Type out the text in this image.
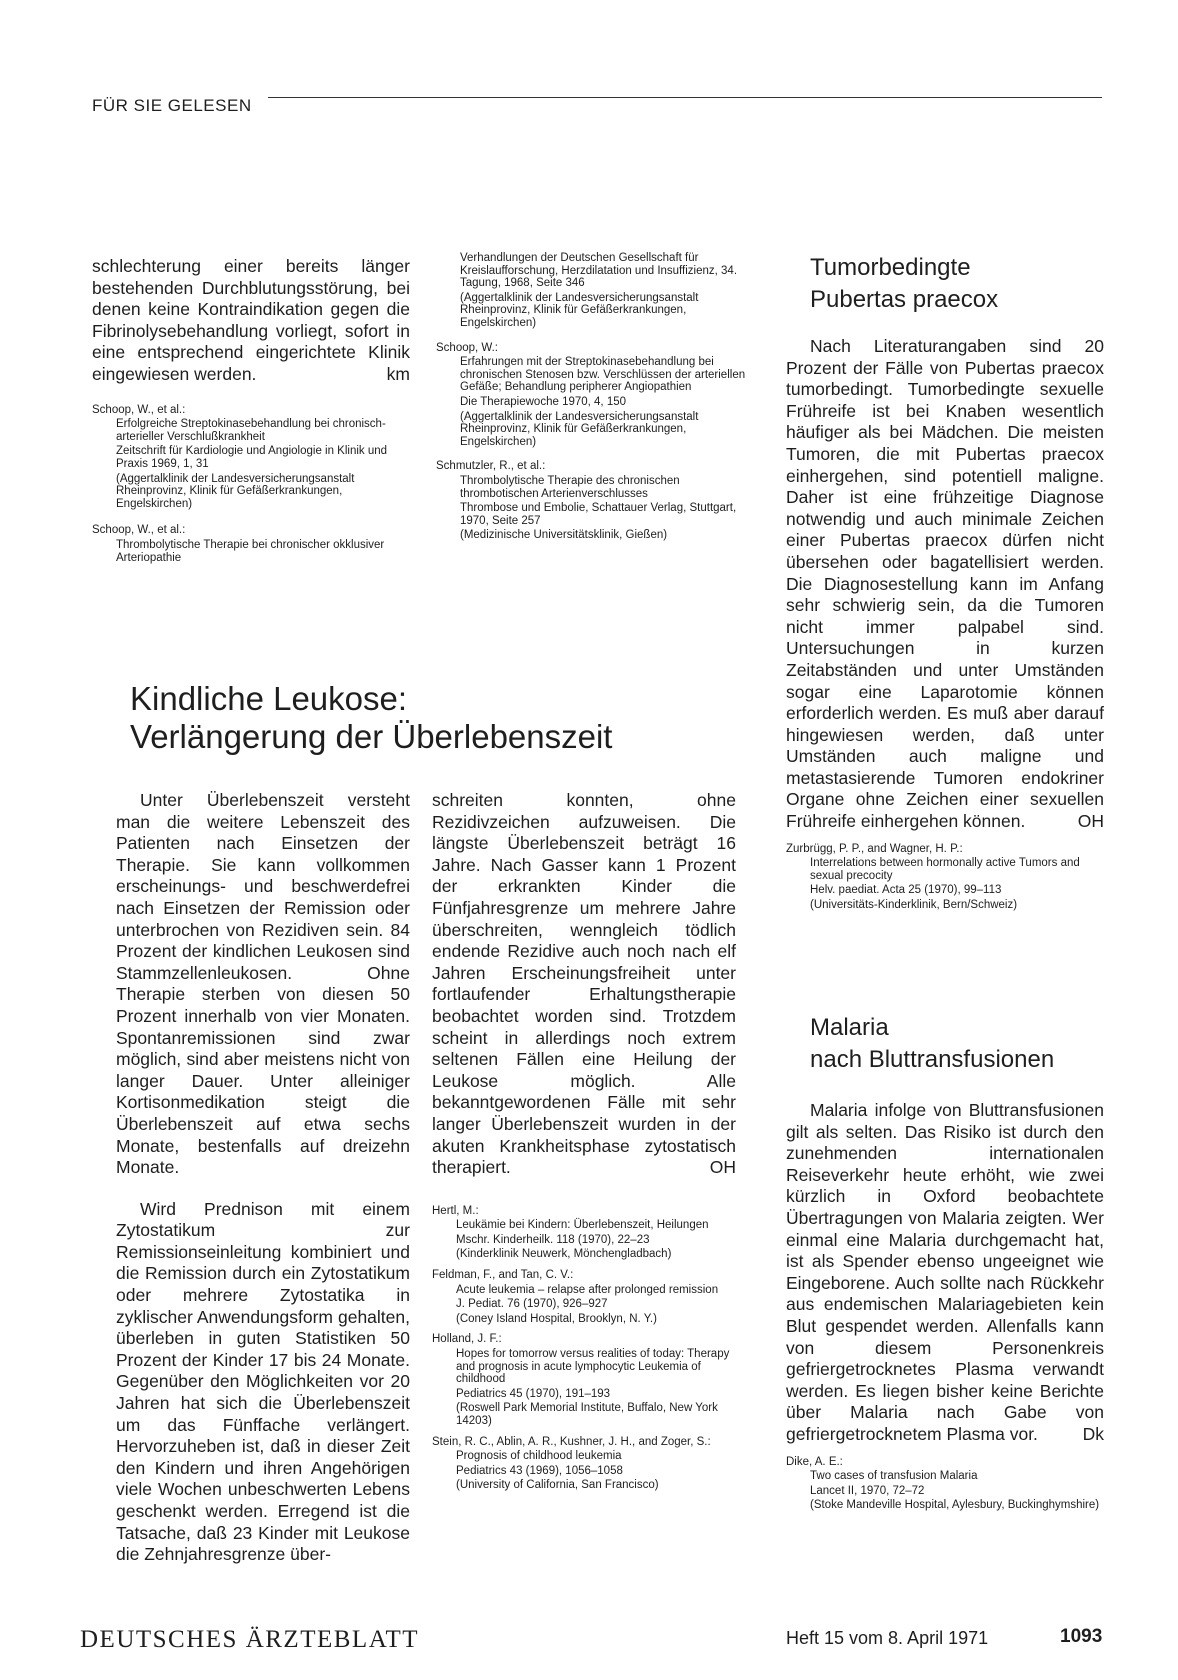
FÜR SIE GELESEN

schlechterung einer bereits länger bestehenden Durchblutungsstörung, bei denen keine Kontraindikation gegen die Fibrinolysebehandlung vorliegt, sofort in eine entsprechend eingerichtete Klinik eingewiesen werden.	km

Schoop, W., et al.:
Erfolgreiche Streptokinasebehandlung bei chronisch-arterieller Verschlußkrankheit
Zeitschrift für Kardiologie und Angiologie in Klinik und Praxis 1969, 1, 31
(Aggertalklinik der Landesversicherungsanstalt Rheinprovinz, Klinik für Gefäßerkrankungen, Engelskirchen)
Schoop, W., et al.:
Thrombolytische Therapie bei chronischer okklusiver Arteriopathie
Verhandlungen der Deutschen Gesellschaft für Kreislaufforschung, Herzdilatation und Insuffizienz, 34. Tagung, 1968, Seite 346
(Aggertalklinik der Landesversicherungsanstalt Rheinprovinz, Klinik für Gefäßerkrankungen, Engelskirchen)
Schoop, W.:
Erfahrungen mit der Streptokinasebehandlung bei chronischen Stenosen bzw. Verschlüssen der arteriellen Gefäße; Behandlung peripherer Angiopathien
Die Therapiewoche 1970, 4, 150
(Aggertalklinik der Landesversicherungsanstalt Rheinprovinz, Klinik für Gefäßerkrankungen, Engelskirchen)
Schmutzler, R., et al.:
Thrombolytische Therapie des chronischen thrombotischen Arterienverschlusses
Thrombose und Embolie, Schattauer Verlag, Stuttgart, 1970, Seite 257
(Medizinische Universitätsklinik, Gießen)
Kindliche Leukose:
Verlängerung der Überlebenszeit

Unter Überlebenszeit versteht man die weitere Lebenszeit des Patienten nach Einsetzen der Therapie. Sie kann vollkommen erscheinungs- und beschwerdefrei nach Einsetzen der Remission oder unterbrochen von Rezidiven sein. 84 Prozent der kindlichen Leukosen sind Stammzellenleukosen. Ohne Therapie sterben von diesen 50 Prozent innerhalb von vier Monaten. Spontanremissionen sind zwar möglich, sind aber meistens nicht von langer Dauer. Unter alleiniger Kortisonmedikation steigt die Überlebenszeit auf etwa sechs Monate, bestenfalls auf dreizehn Monate.

Wird Prednison mit einem Zytostatikum zur Remissionseinleitung kombiniert und die Remission durch ein Zytostatikum oder mehrere Zytostatika in zyklischer Anwendungsform gehalten, überleben in guten Statistiken 50 Prozent der Kinder 17 bis 24 Monate. Gegenüber den Möglichkeiten vor 20 Jahren hat sich die Überlebenszeit um das Fünffache verlängert. Hervorzuheben ist, daß in dieser Zeit den Kindern und ihren Angehörigen viele Wochen unbeschwerten Lebens geschenkt werden. Erregend ist die Tatsache, daß 23 Kinder mit Leukose die Zehnjahresgrenze über-

schreiten konnten, ohne Rezidivzeichen aufzuweisen. Die längste Überlebenszeit beträgt 16 Jahre. Nach Gasser kann 1 Prozent der erkrankten Kinder die Fünfjahresgrenze um mehrere Jahre überschreiten, wenngleich tödlich endende Rezidive auch noch nach elf Jahren Erscheinungsfreiheit unter fortlaufender Erhaltungstherapie beobachtet worden sind. Trotzdem scheint in allerdings noch extrem seltenen Fällen eine Heilung der Leukose möglich. Alle bekanntgewordenen Fälle mit sehr langer Überlebenszeit wurden in der akuten Krankheitsphase zytostatisch therapiert.	OH

Hertl, M.:
Leukämie bei Kindern: Überlebenszeit, Heilungen
Mschr. Kinderheilk. 118 (1970), 22–23
(Kinderklinik Neuwerk, Mönchengladbach)
Feldman, F., and Tan, C. V.:
Acute leukemia – relapse after prolonged remission
J. Pediat. 76 (1970), 926–927
(Coney Island Hospital, Brooklyn, N. Y.)
Holland, J. F.:
Hopes for tomorrow versus realities of today: Therapy and prognosis in acute lymphocytic Leukemia of childhood
Pediatrics 45 (1970), 191–193
(Roswell Park Memorial Institute, Buffalo, New York 14203)
Stein, R. C., Ablin, A. R., Kushner, J. H., and Zoger, S.:
Prognosis of childhood leukemia
Pediatrics 43 (1969), 1056–1058
(University of California, San Francisco)
Tumorbedingte
Pubertas praecox

Nach Literaturangaben sind 20 Prozent der Fälle von Pubertas praecox tumorbedingt. Tumorbedingte sexuelle Frühreife ist bei Knaben wesentlich häufiger als bei Mädchen. Die meisten Tumoren, die mit Pubertas praecox einhergehen, sind potentiell maligne. Daher ist eine frühzeitige Diagnose notwendig und auch minimale Zeichen einer Pubertas praecox dürfen nicht übersehen oder bagatellisiert werden. Die Diagnosestellung kann im Anfang sehr schwierig sein, da die Tumoren nicht immer palpabel sind. Untersuchungen in kurzen Zeitabständen und unter Umständen sogar eine Laparotomie können erforderlich werden. Es muß aber darauf hingewiesen werden, daß unter Umständen auch maligne und metastasierende Tumoren endokriner Organe ohne Zeichen einer sexuellen Frühreife einhergehen können.	OH

Zurbrügg, P. P., and Wagner, H. P.:
Interrelations between hormonally active Tumors and sexual precocity
Helv. paediat. Acta 25 (1970), 99–113
(Universitäts-Kinderklinik, Bern/Schweiz)
Malaria
nach Bluttransfusionen

Malaria infolge von Bluttransfusionen gilt als selten. Das Risiko ist durch den zunehmenden internationalen Reiseverkehr heute erhöht, wie zwei kürzlich in Oxford beobachtete Übertragungen von Malaria zeigten. Wer einmal eine Malaria durchgemacht hat, ist als Spender ebenso ungeeignet wie Eingeborene. Auch sollte nach Rückkehr aus endemischen Malariagebieten kein Blut gespendet werden. Allenfalls kann von diesem Personenkreis gefriergetrocknetes Plasma verwandt werden. Es liegen bisher keine Berichte über Malaria nach Gabe von gefriergetrocknetem Plasma vor.	Dk

Dike, A. E.:
Two cases of transfusion Malaria
Lancet II, 1970, 72–72
(Stoke Mandeville Hospital, Aylesbury, Buckinghymshire)
DEUTSCHES ÄRZTEBLATT	Heft 15 vom 8. April 1971	1093
